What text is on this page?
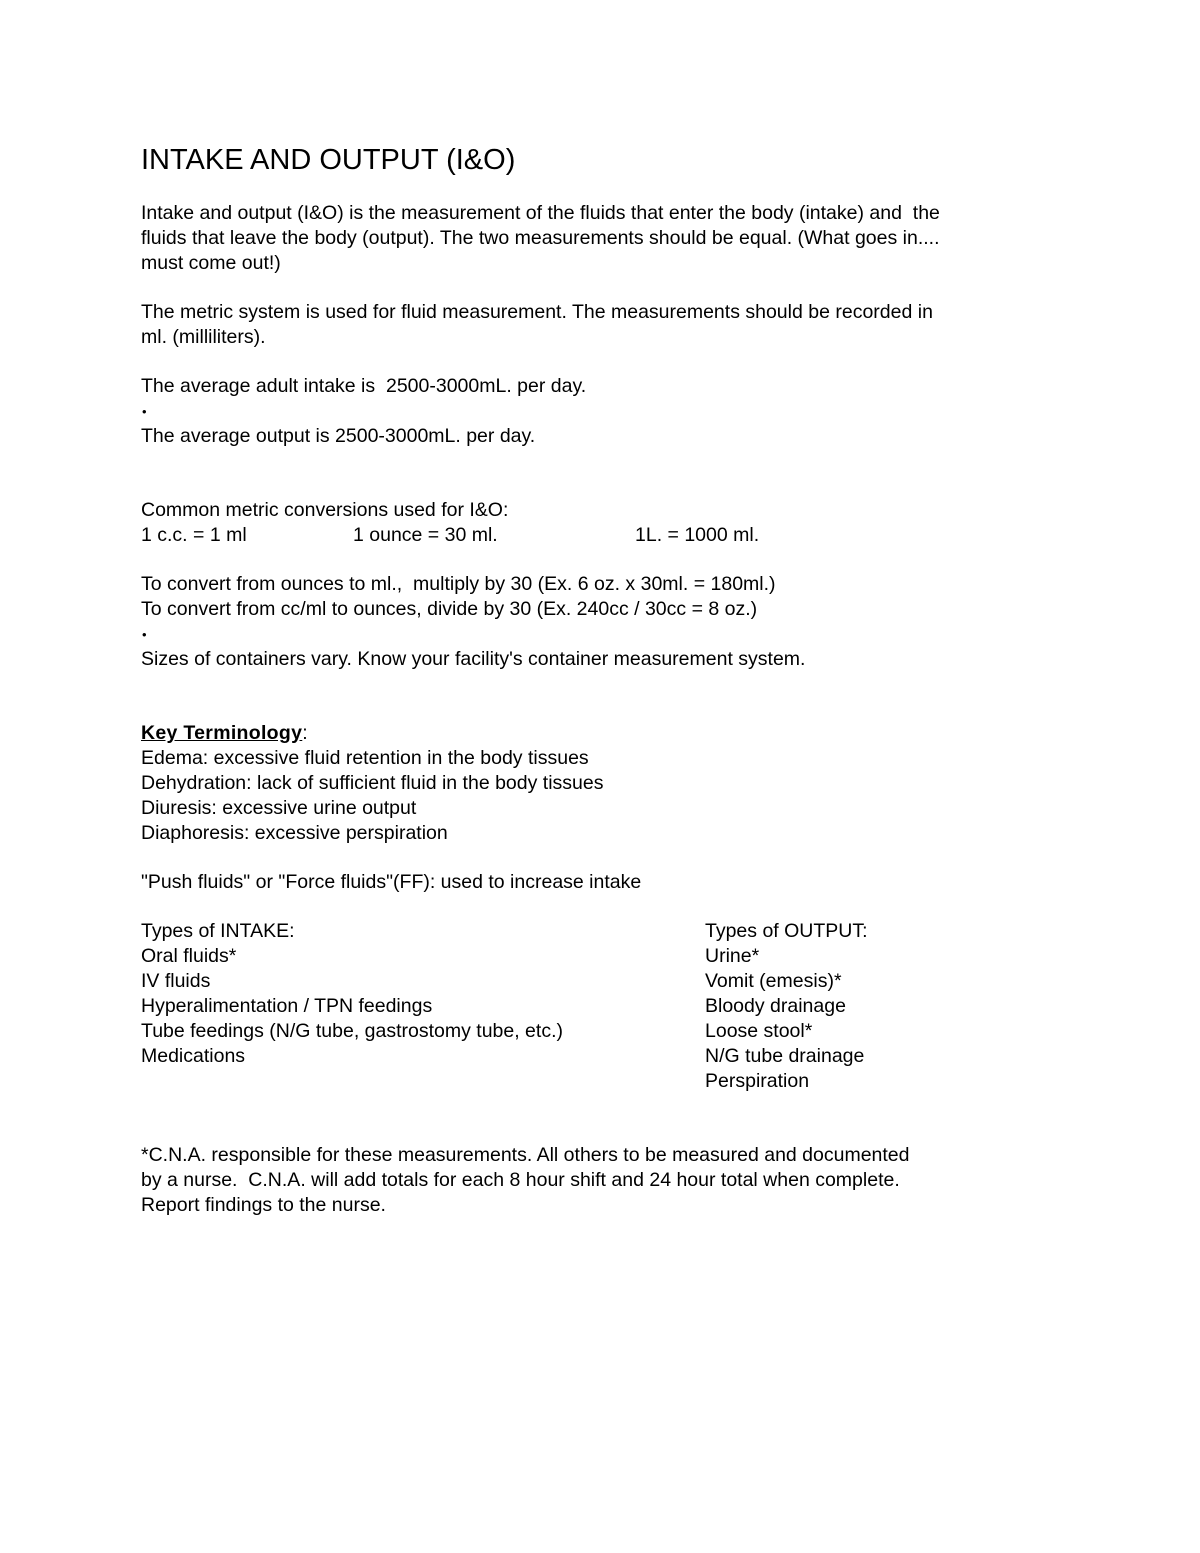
INTAKE AND OUTPUT (I&O)
Intake and output (I&O) is the measurement of the fluids that enter the body (intake) and  the
fluids that leave the body (output). The two measurements should be equal. (What goes in....
must come out!)
The metric system is used for fluid measurement. The measurements should be recorded in
ml. (milliliters).
The average adult intake is  2500-3000mL. per day.
•
The average output is 2500-3000mL. per day.
Common metric conversions used for I&O:
1 c.c. = 1 ml	1 ounce = 30 ml.	1L. = 1000 ml.
To convert from ounces to ml.,  multiply by 30 (Ex. 6 oz. x 30ml. = 180ml.)
To convert from cc/ml to ounces, divide by 30 (Ex. 240cc / 30cc = 8 oz.)
•
Sizes of containers vary. Know your facility's container measurement system.
Key Terminology:
Edema: excessive fluid retention in the body tissues
Dehydration: lack of sufficient fluid in the body tissues
Diuresis: excessive urine output
Diaphoresis: excessive perspiration
"Push fluids" or "Force fluids"(FF): used to increase intake
Types of INTAKE:
Oral fluids*
IV fluids
Hyperalimentation / TPN feedings
Tube feedings (N/G tube, gastrostomy tube, etc.)
Medications
Types of OUTPUT:
Urine*
Vomit (emesis)*
Bloody drainage
Loose stool*
N/G tube drainage
Perspiration
*C.N.A. responsible for these measurements. All others to be measured and documented
by a nurse.  C.N.A. will add totals for each 8 hour shift and 24 hour total when complete.
Report findings to the nurse.
